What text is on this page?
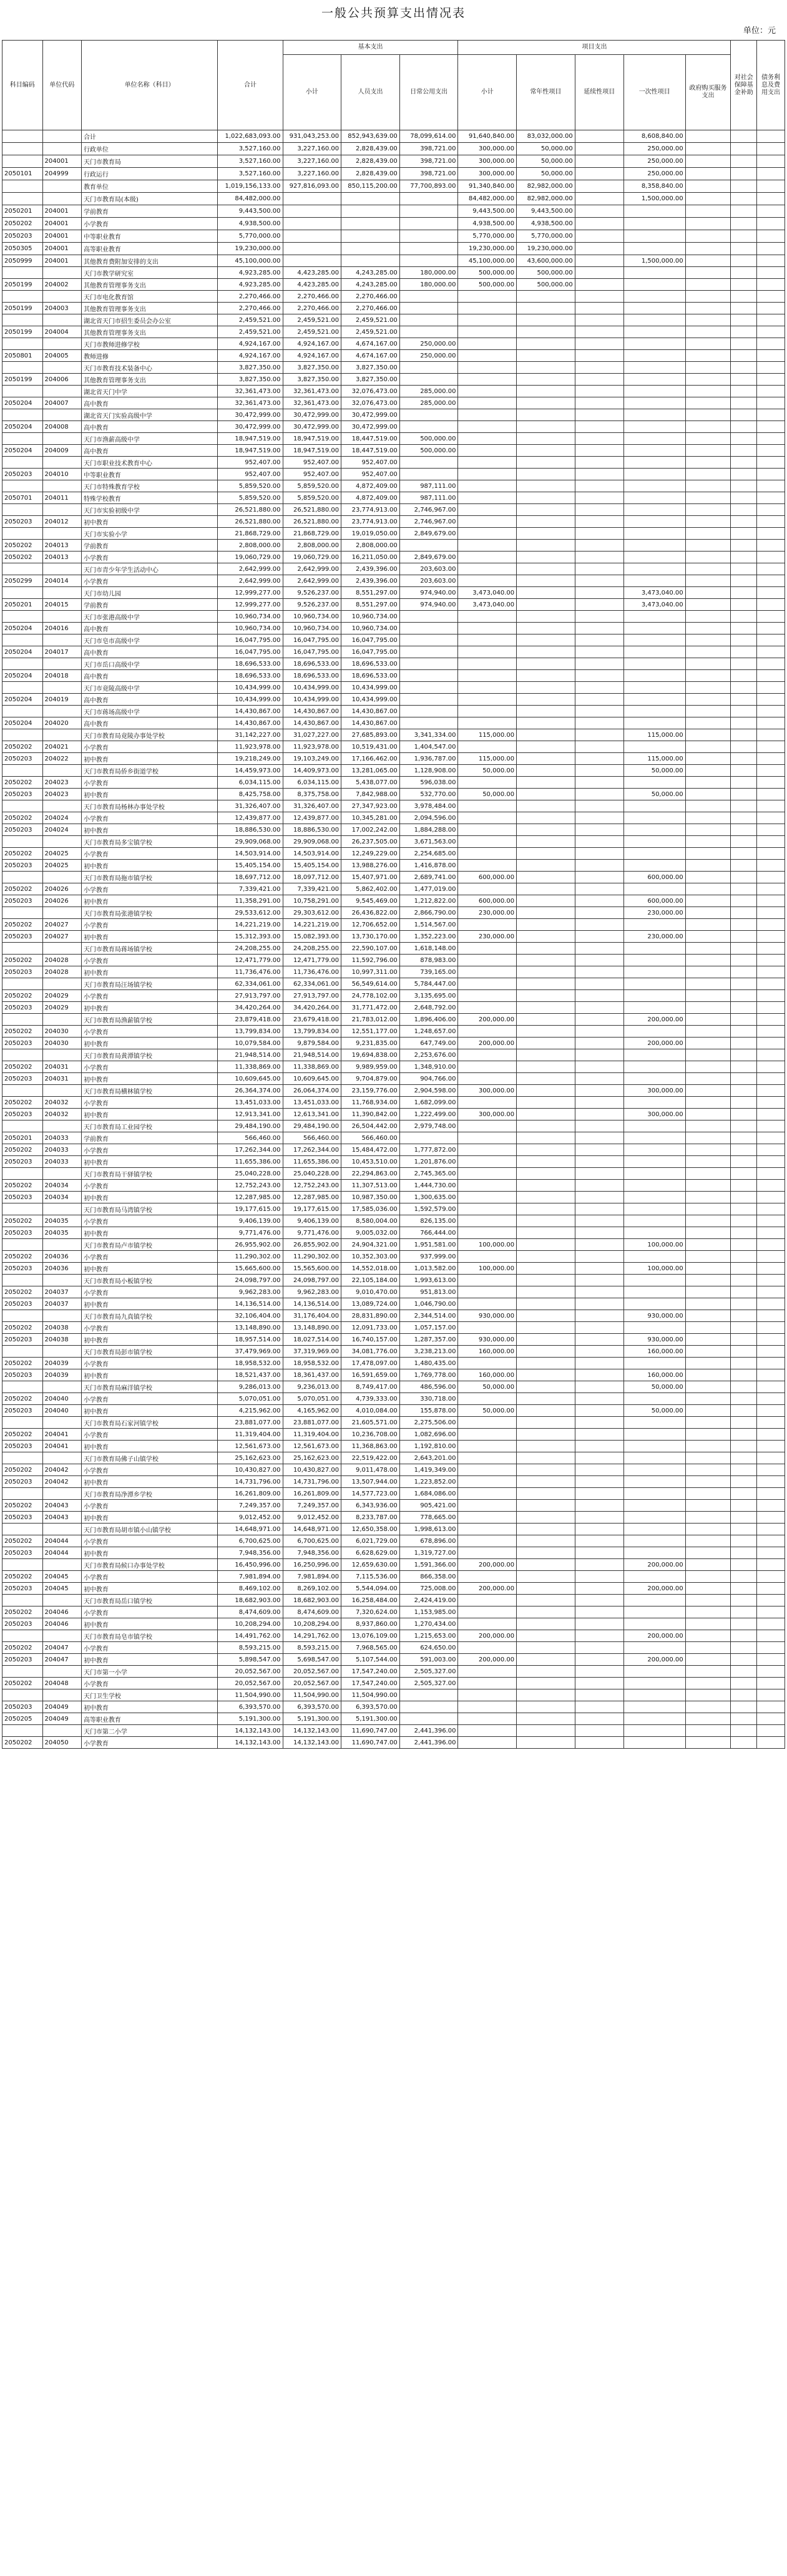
一般公共预算支出情况表
单位：元
科目编码	单位代码	单位名称（科目）	合计	基本支出			项目支出					对社会保障基金补助	债务利息及费用支出
				小计	人员支出	日常公用支出	小计	常年性项目	延续性项目	一次性项目	政府购买服务支出		
		合计	1,022,683,093.00	931,043,253.00	852,943,639.00	78,099,614.00	91,640,840.00	83,032,000.00		8,608,840.00			
		行政单位	3,527,160.00	3,227,160.00	2,828,439.00	398,721.00	300,000.00	50,000.00		250,000.00			
	204001	天门市教育局	3,527,160.00	3,227,160.00	2,828,439.00	398,721.00	300,000.00	50,000.00		250,000.00			
2050101	204999	行政运行	3,527,160.00	3,227,160.00	2,828,439.00	398,721.00	300,000.00	50,000.00		250,000.00			
		教育单位	1,019,156,133.00	927,816,093.00	850,115,200.00	77,700,893.00	91,340,840.00	82,982,000.00		8,358,840.00			
		天门市教育局(本级)	84,482,000.00				84,482,000.00	82,982,000.00		1,500,000.00			
2050201	204001	学前教育	9,443,500.00				9,443,500.00	9,443,500.00					
2050202	204001	小学教育	4,938,500.00				4,938,500.00	4,938,500.00					
2050203	204001	中等职业教育	5,770,000.00				5,770,000.00	5,770,000.00					
2050305	204001	高等职业教育	19,230,000.00				19,230,000.00	19,230,000.00					
2050999	204001	其他教育费附加安排的支出	45,100,000.00				45,100,000.00	43,600,000.00		1,500,000.00			
		天门市教学研究室	4,923,285.00	4,423,285.00	4,243,285.00	180,000.00	500,000.00	500,000.00					
2050199	204002	其他教育管理事务支出	4,923,285.00	4,423,285.00	4,243,285.00	180,000.00	500,000.00	500,000.00					
		天门市电化教育馆	2,270,466.00	2,270,466.00	2,270,466.00								
2050199	204003	其他教育管理事务支出	2,270,466.00	2,270,466.00	2,270,466.00								
		湖北省天门市招生委员会办公室	2,459,521.00	2,459,521.00	2,459,521.00								
2050199	204004	其他教育管理事务支出	2,459,521.00	2,459,521.00	2,459,521.00								
		天门市教师进修学校	4,924,167.00	4,924,167.00	4,674,167.00	250,000.00							
2050801	204005	教师进修	4,924,167.00	4,924,167.00	4,674,167.00	250,000.00							
		天门市教育技术装备中心	3,827,350.00	3,827,350.00	3,827,350.00								
2050199	204006	其他教育管理事务支出	3,827,350.00	3,827,350.00	3,827,350.00								
		湖北省天门中学	32,361,473.00	32,361,473.00	32,076,473.00	285,000.00							
2050204	204007	高中教育	32,361,473.00	32,361,473.00	32,076,473.00	285,000.00							
		湖北省天门实验高级中学	30,472,999.00	30,472,999.00	30,472,999.00								
2050204	204008	高中教育	30,472,999.00	30,472,999.00	30,472,999.00								
		天门市渔薪高级中学	18,947,519.00	18,947,519.00	18,447,519.00	500,000.00							
2050204	204009	高中教育	18,947,519.00	18,947,519.00	18,447,519.00	500,000.00							
		天门市职业技术教育中心	952,407.00	952,407.00	952,407.00								
2050203	204010	中等职业教育	952,407.00	952,407.00	952,407.00								
		天门市特殊教育学校	5,859,520.00	5,859,520.00	4,872,409.00	987,111.00							
2050701	204011	特殊学校教育	5,859,520.00	5,859,520.00	4,872,409.00	987,111.00							
		天门市实验初级中学	26,521,880.00	26,521,880.00	23,774,913.00	2,746,967.00							
2050203	204012	初中教育	26,521,880.00	26,521,880.00	23,774,913.00	2,746,967.00							
		天门市实验小学	21,868,729.00	21,868,729.00	19,019,050.00	2,849,679.00							
2050202	204013	学前教育	2,808,000.00	2,808,000.00	2,808,000.00								
2050202	204013	小学教育	19,060,729.00	19,060,729.00	16,211,050.00	2,849,679.00							
		天门市青少年学生活动中心	2,642,999.00	2,642,999.00	2,439,396.00	203,603.00							
2050299	204014	小学教育	2,642,999.00	2,642,999.00	2,439,396.00	203,603.00							
		天门市幼儿园	12,999,277.00	9,526,237.00	8,551,297.00	974,940.00	3,473,040.00			3,473,040.00			
2050201	204015	学前教育	12,999,277.00	9,526,237.00	8,551,297.00	974,940.00	3,473,040.00			3,473,040.00			
		天门市张港高级中学	10,960,734.00	10,960,734.00	10,960,734.00								
2050204	204016	高中教育	10,960,734.00	10,960,734.00	10,960,734.00								
		天门市皂市高级中学	16,047,795.00	16,047,795.00	16,047,795.00								
2050204	204017	高中教育	16,047,795.00	16,047,795.00	16,047,795.00								
		天门市岳口高级中学	18,696,533.00	18,696,533.00	18,696,533.00								
2050204	204018	高中教育	18,696,533.00	18,696,533.00	18,696,533.00								
		天门市竟陵高级中学	10,434,999.00	10,434,999.00	10,434,999.00								
2050204	204019	高中教育	10,434,999.00	10,434,999.00	10,434,999.00								
		天门市蒋场高级中学	14,430,867.00	14,430,867.00	14,430,867.00								
2050204	204020	高中教育	14,430,867.00	14,430,867.00	14,430,867.00								
		天门市教育局竟陵办事处学校	31,142,227.00	31,027,227.00	27,685,893.00	3,341,334.00	115,000.00			115,000.00			
2050202	204021	小学教育	11,923,978.00	11,923,978.00	10,519,431.00	1,404,547.00							
2050203	204022	初中教育	19,218,249.00	19,103,249.00	17,166,462.00	1,936,787.00	115,000.00			115,000.00			
		天门市教育局侨乡街道学校	14,459,973.00	14,409,973.00	13,281,065.00	1,128,908.00	50,000.00			50,000.00			
2050202	204023	小学教育	6,034,115.00	6,034,115.00	5,438,077.00	596,038.00							
2050203	204023	初中教育	8,425,758.00	8,375,758.00	7,842,988.00	532,770.00	50,000.00			50,000.00			
		天门市教育局杨林办事处学校	31,326,407.00	31,326,407.00	27,347,923.00	3,978,484.00							
2050202	204024	小学教育	12,439,877.00	12,439,877.00	10,345,281.00	2,094,596.00							
2050203	204024	初中教育	18,886,530.00	18,886,530.00	17,002,242.00	1,884,288.00							
		天门市教育局多宝镇学校	29,909,068.00	29,909,068.00	26,237,505.00	3,671,563.00							
2050202	204025	小学教育	14,503,914.00	14,503,914.00	12,249,229.00	2,254,685.00							
2050203	204025	初中教育	15,405,154.00	15,405,154.00	13,988,276.00	1,416,878.00							
		天门市教育局拖市镇学校	18,697,712.00	18,097,712.00	15,407,971.00	2,689,741.00	600,000.00			600,000.00			
2050202	204026	小学教育	7,339,421.00	7,339,421.00	5,862,402.00	1,477,019.00							
2050203	204026	初中教育	11,358,291.00	10,758,291.00	9,545,469.00	1,212,822.00	600,000.00			600,000.00			
		天门市教育局张港镇学校	29,533,612.00	29,303,612.00	26,436,822.00	2,866,790.00	230,000.00			230,000.00			
2050202	204027	小学教育	14,221,219.00	14,221,219.00	12,706,652.00	1,514,567.00							
2050203	204027	初中教育	15,312,393.00	15,082,393.00	13,730,170.00	1,352,223.00	230,000.00			230,000.00			
		天门市教育局蒋场镇学校	24,208,255.00	24,208,255.00	22,590,107.00	1,618,148.00							
2050202	204028	小学教育	12,471,779.00	12,471,779.00	11,592,796.00	878,983.00							
2050203	204028	初中教育	11,736,476.00	11,736,476.00	10,997,311.00	739,165.00							
		天门市教育局汪场镇学校	62,334,061.00	62,334,061.00	56,549,614.00	5,784,447.00							
2050202	204029	小学教育	27,913,797.00	27,913,797.00	24,778,102.00	3,135,695.00							
2050203	204029	初中教育	34,420,264.00	34,420,264.00	31,771,472.00	2,648,792.00							
		天门市教育局渔薪镇学校	23,879,418.00	23,679,418.00	21,783,012.00	1,896,406.00	200,000.00			200,000.00			
2050202	204030	小学教育	13,799,834.00	13,799,834.00	12,551,177.00	1,248,657.00							
2050203	204030	初中教育	10,079,584.00	9,879,584.00	9,231,835.00	647,749.00	200,000.00			200,000.00			
		天门市教育局黄潭镇学校	21,948,514.00	21,948,514.00	19,694,838.00	2,253,676.00							
2050202	204031	小学教育	11,338,869.00	11,338,869.00	9,989,959.00	1,348,910.00							
2050203	204031	初中教育	10,609,645.00	10,609,645.00	9,704,879.00	904,766.00							
		天门市教育局横林镇学校	26,364,374.00	26,064,374.00	23,159,776.00	2,904,598.00	300,000.00			300,000.00			
2050202	204032	小学教育	13,451,033.00	13,451,033.00	11,768,934.00	1,682,099.00							
2050203	204032	初中教育	12,913,341.00	12,613,341.00	11,390,842.00	1,222,499.00	300,000.00			300,000.00			
		天门市教育局工业园学校	29,484,190.00	29,484,190.00	26,504,442.00	2,979,748.00							
2050201	204033	学前教育	566,460.00	566,460.00	566,460.00								
2050202	204033	小学教育	17,262,344.00	17,262,344.00	15,484,472.00	1,777,872.00							
2050203	204033	初中教育	11,655,386.00	11,655,386.00	10,453,510.00	1,201,876.00							
		天门市教育局干驿镇学校	25,040,228.00	25,040,228.00	22,294,863.00	2,745,365.00							
2050202	204034	小学教育	12,752,243.00	12,752,243.00	11,307,513.00	1,444,730.00							
2050203	204034	初中教育	12,287,985.00	12,287,985.00	10,987,350.00	1,300,635.00							
		天门市教育局马湾镇学校	19,177,615.00	19,177,615.00	17,585,036.00	1,592,579.00							
2050202	204035	小学教育	9,406,139.00	9,406,139.00	8,580,004.00	826,135.00							
2050203	204035	初中教育	9,771,476.00	9,771,476.00	9,005,032.00	766,444.00							
		天门市教育局卢市镇学校	26,955,902.00	26,855,902.00	24,904,321.00	1,951,581.00	100,000.00			100,000.00			
2050202	204036	小学教育	11,290,302.00	11,290,302.00	10,352,303.00	937,999.00							
2050203	204036	初中教育	15,665,600.00	15,565,600.00	14,552,018.00	1,013,582.00	100,000.00			100,000.00			
		天门市教育局小板镇学校	24,098,797.00	24,098,797.00	22,105,184.00	1,993,613.00							
2050202	204037	小学教育	9,962,283.00	9,962,283.00	9,010,470.00	951,813.00							
2050203	204037	初中教育	14,136,514.00	14,136,514.00	13,089,724.00	1,046,790.00							
		天门市教育局九真镇学校	32,106,404.00	31,176,404.00	28,831,890.00	2,344,514.00	930,000.00			930,000.00			
2050202	204038	小学教育	13,148,890.00	13,148,890.00	12,091,733.00	1,057,157.00							
2050203	204038	初中教育	18,957,514.00	18,027,514.00	16,740,157.00	1,287,357.00	930,000.00			930,000.00			
		天门市教育局彭市镇学校	37,479,969.00	37,319,969.00	34,081,776.00	3,238,213.00	160,000.00			160,000.00			
2050202	204039	小学教育	18,958,532.00	18,958,532.00	17,478,097.00	1,480,435.00							
2050203	204039	初中教育	18,521,437.00	18,361,437.00	16,591,659.00	1,769,778.00	160,000.00			160,000.00			
		天门市教育局麻洋镇学校	9,286,013.00	9,236,013.00	8,749,417.00	486,596.00	50,000.00			50,000.00			
2050202	204040	小学教育	5,070,051.00	5,070,051.00	4,739,333.00	330,718.00							
2050203	204040	初中教育	4,215,962.00	4,165,962.00	4,010,084.00	155,878.00	50,000.00			50,000.00			
		天门市教育局石家河镇学校	23,881,077.00	23,881,077.00	21,605,571.00	2,275,506.00							
2050202	204041	小学教育	11,319,404.00	11,319,404.00	10,236,708.00	1,082,696.00							
2050203	204041	初中教育	12,561,673.00	12,561,673.00	11,368,863.00	1,192,810.00							
		天门市教育局佛子山镇学校	25,162,623.00	25,162,623.00	22,519,422.00	2,643,201.00							
2050202	204042	小学教育	10,430,827.00	10,430,827.00	9,011,478.00	1,419,349.00							
2050203	204042	初中教育	14,731,796.00	14,731,796.00	13,507,944.00	1,223,852.00							
		天门市教育局净潭乡学校	16,261,809.00	16,261,809.00	14,577,723.00	1,684,086.00							
2050202	204043	小学教育	7,249,357.00	7,249,357.00	6,343,936.00	905,421.00							
2050203	204043	初中教育	9,012,452.00	9,012,452.00	8,233,787.00	778,665.00							
		天门市教育局胡市镇小山镇学校	14,648,971.00	14,648,971.00	12,650,358.00	1,998,613.00							
2050202	204044	小学教育	6,700,625.00	6,700,625.00	6,021,729.00	678,896.00							
2050203	204044	初中教育	7,948,356.00	7,948,356.00	6,628,629.00	1,319,727.00							
		天门市教育局候口办事处学校	16,450,996.00	16,250,996.00	12,659,630.00	1,591,366.00	200,000.00			200,000.00			
2050202	204045	小学教育	7,981,894.00	7,981,894.00	7,115,536.00	866,358.00							
2050203	204045	初中教育	8,469,102.00	8,269,102.00	5,544,094.00	725,008.00	200,000.00			200,000.00			
		天门市教育局岳口镇学校	18,682,903.00	18,682,903.00	16,258,484.00	2,424,419.00							
2050202	204046	小学教育	8,474,609.00	8,474,609.00	7,320,624.00	1,153,985.00							
2050203	204046	初中教育	10,208,294.00	10,208,294.00	8,937,860.00	1,270,434.00							
		天门市教育局皂市镇学校	14,491,762.00	14,291,762.00	13,076,109.00	1,215,653.00	200,000.00			200,000.00			
2050202	204047	小学教育	8,593,215.00	8,593,215.00	7,968,565.00	624,650.00							
2050203	204047	初中教育	5,898,547.00	5,698,547.00	5,107,544.00	591,003.00	200,000.00			200,000.00			
		天门市第一小学	20,052,567.00	20,052,567.00	17,547,240.00	2,505,327.00							
2050202	204048	小学教育	20,052,567.00	20,052,567.00	17,547,240.00	2,505,327.00							
		天门卫生学校	11,504,990.00	11,504,990.00	11,504,990.00								
2050203	204049	初中教育	6,393,570.00	6,393,570.00	6,393,570.00								
2050205	204049	高等职业教育	5,191,300.00	5,191,300.00	5,191,300.00								
		天门市第二小学	14,132,143.00	14,132,143.00	11,690,747.00	2,441,396.00							
2050202	204050	小学教育	14,132,143.00	14,132,143.00	11,690,747.00	2,441,396.00							
